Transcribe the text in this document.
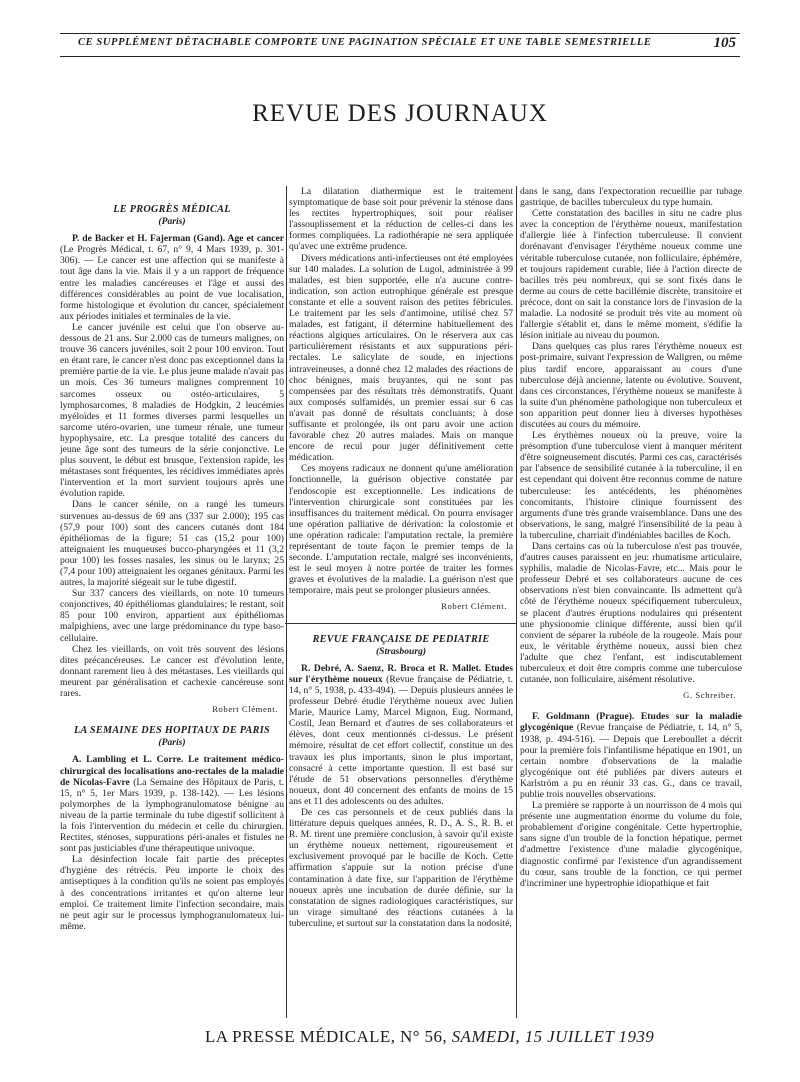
CE SUPPLÉMENT DÉTACHABLE COMPORTE UNE PAGINATION SPÉCIALE ET UNE TABLE SEMESTRIELLE	105
REVUE DES JOURNAUX
LE PROGRÈS MÉDICAL
(Paris)

P. de Backer et H. Fajerman (Gand). Age et cancer (Le Progrès Médical, t. 67, n° 9, 4 Mars 1939, p. 301-306). — Le cancer est une affection qui se manifeste à tout âge dans la vie. Mais il y a un rapport de fréquence entre les maladies cancéreuses et l'âge et aussi des différences considérables au point de vue localisation, forme histologique et évolution du cancer, spécialement aux périodes initiales et terminales de la vie.

Le cancer juvénile est celui que l'on observe au-dessous de 21 ans. Sur 2.000 cas de tumeurs malignes, on trouve 36 cancers juvéniles, soit 2 pour 100 environ. Tout en étant rare, le cancer n'est donc pas exceptionnel dans la première partie de la vie. Le plus jeune malade n'avait pas un mois. Ces 36 tumeurs malignes comprennent 10 sarcomes osseux ou ostéo-articulaires, 5 lymphosarcomes, 8 maladies de Hodgkin, 2 leucémies myéloïdes et 11 formes diverses parmi lesquelles un sarcome utéro-ovarien, une tumeur rénale, une tumeur hypophysaire, etc. La presque totalité des cancers du jeune âge sont des tumeurs de la série conjonctive. Le plus souvent, le début est brusque, l'extension rapide, les métastases sont fréquentes, les récidives immédiates après l'intervention et la mort survient toujours après une évolution rapide.

Dans le cancer sénile, on a rangé les tumeurs survenues au-dessus de 69 ans (337 sur 2.000); 195 cas (57,9 pour 100) sont des cancers cutanés dont 184 épithéliomas de la figure; 51 cas (15,2 pour 100) atteignaient les muqueuses bucco-pharyngées et 11 (3,2 pour 100) les fosses nasales, les sinus ou le larynx; 25 (7,4 pour 100) atteignaient les organes génitaux. Parmi les autres, la majorité siégeait sur le tube digestif.

Sur 337 cancers des vieillards, on note 10 tumeurs conjonctives, 40 épithéliomas glandulaires; le restant, soit 85 pour 100 environ, appartient aux épithéliomas malpighiens, avec une large prédominance du type baso-cellulaire.

Chez les vieillards, on voit très souvent des lésions dites précancéreuses. Le cancer est d'évolution lente, donnant rarement lieu à des métastases. Les vieillards qui meurent par généralisation et cachexie cancéreuse sont rares.

Robert Clément.
LA SEMAINE DES HOPITAUX DE PARIS
(Paris)

A. Lambling et L. Corre. Le traitement médico-chirurgical des localisations ano-rectales de la maladie de Nicolas-Favre (La Semaine des Hôpitaux de Paris, t. 15, n° 5, 1er Mars 1939, p. 138-142). — Les lésions polymorphes de la lymphogranulomatose bénigne au niveau de la partie terminale du tube digestif sollicitent à la fois l'intervention du médecin et celle du chirurgien. Rectites, sténoses, suppurations péri-anales et fistules ne sont pas justiciables d'une thérapeutique univoque.

La désinfection locale fait partie des préceptes d'hygiène des rétrécis. Peu importe le choix des antiseptiques à la condition qu'ils ne soient pas employés à des concentrations irritantes et qu'on alterne leur emploi. Ce traitement limite l'infection secondaire, mais ne peut agir sur le processus lymphogranulomateux lui-même.

La dilatation diathermique est le traitement symptomatique de base soit pour prévenir la sténose dans les rectites hypertrophiques, soit pour réaliser l'assouplissement et la réduction de celles-ci dans les formes compliquées. La radiothérapie ne sera appliquée qu'avec une extrême prudence.

Divers médications anti-infectieuses ont été employées sur 140 malades. La solution de Lugol, administrée à 99 malades, est bien supportée, elle n'a aucune contre-indication, son action eutrophique générale est presque constante et elle a souvent raison des petites fébricules. Le traitement par les sels d'antimoine, utilisé chez 57 malades, est fatigant, il détermine habituellement des réactions algiques articulaires. On le réservera aux cas particulièrement résistants et aux suppurations péri-rectales. Le salicylate de soude, en injections intraveineuses, a donné chez 12 malades des réactions de choc bénignes, mais bruyantes, qui ne sont pas compensées par des résultats très démonstratifs. Quant aux composés sulfamidés, un premier essai sur 6 cas n'avait pas donné de résultats concluants; à dose suffisante et prolongée, ils ont paru avoir une action favorable chez 20 autres malades. Mais on manque encore de recul pour juger définitivement cette médication.

Ces moyens radicaux ne donnent qu'une amélioration fonctionnelle, la guérison objective constatée par l'endoscopie est exceptionnelle. Les indications de l'intervention chirurgicale sont constituées par les insuffisances du traitement médical. On pourra envisager une opération palliative de dérivation: la colostomie et une opération radicale: l'amputation rectale, la première représentant de toute façon le premier temps de la seconde. L'amputation rectale, malgré ses inconvénients, est le seul moyen à notre portée de traiter les formes graves et évolutives de la maladie. La guérison n'est que temporaire, mais peut se prolonger plusieurs années.

Robert Clément.
REVUE FRANÇAISE DE PEDIATRIE
(Strasbourg)

R. Debré, A. Saenz, R. Broca et R. Mallet. Etudes sur l'érythème noueux (Revue française de Pédiatrie, t. 14, n° 5, 1938, p. 433-494). — Depuis plusieurs années le professeur Debré étudie l'érythème noueux avec Julien Marie, Maurice Lamy, Marcel Mignon, Eug. Normand, Costil, Jean Bernard et d'autres de ses collaborateurs et élèves, dont ceux mentionnés ci-dessus. Le présent mémoire, résultat de cet effort collectif, constitue un des travaux les plus importants, sinon le plus important, consacré à cette importante question. Il est basé sur l'étude de 51 observations personnelles d'érythème noueux, dont 40 concernent des enfants de moins de 15 ans et 11 des adolescents ou des adultes.

De ces cas personnels et de ceux publiés dans la littérature depuis quelques années, R. D., A. S., R. B. et R. M. tirent une première conclusion, à savoir qu'il existe un érythème noueux nettement, rigoureusement et exclusivement provoqué par le bacille de Koch. Cette affirmation s'appuie sur la notion précise d'une contamination à date fixe, sur l'apparition de l'érythème noueux après une incubation de durée définie, sur la constatation de signes radiologiques caractéristiques, sur un virage simultané des réactions cutanées à la tuberculine, et surtout sur la constatation dans la nodosité,

dans le sang, dans l'expectoration recueillie par tubage gastrique, de bacilles tuberculeux du type humain.

Cette constatation des bacilles in situ ne cadre plus avec la conception de l'érythème noueux, manifestation d'allergie liée à l'infection tuberculeuse. Il convient dorénavant d'envisager l'érythème noueux comme une véritable tuberculose cutanée, non folliculaire, éphémère, et toujours rapidement curable, liée à l'action directe de bacilles très peu nombreux, qui se sont fixés dans le derme au cours de cette bacillémie discrète, transitoire et précoce, dont on sait la constance lors de l'invasion de la maladie. La nodosité se produit très vite au moment où l'allergie s'établit et, dans le même moment, s'édifie la lésion initiale au niveau du poumon.

Dans quelques cas plus rares l'érythème noueux est post-primaire, suivant l'expression de Wallgren, ou même plus tardif encore, apparaissant au cours d'une tuberculose déjà ancienne, latente ou évolutive. Souvent, dans ces circonstances, l'érythème noueux se manifeste à la suite d'un phénomène pathologique non tuberculeux et son apparition peut donner lieu à diverses hypothèses discutées au cours du mémoire.

Les érythèmes noueux où la preuve, voire la présomption d'une tuberculose vient à manquer méritent d'être soigneusement discutés. Parmi ces cas, caractérisés par l'absence de sensibilité cutanée à la tuberculine, il en est cependant qui doivent être reconnus comme de nature tuberculeuse: les antécédents, les phénomènes concomitants, l'histoire clinique fournissent des arguments d'une très grande vraisemblance. Dans une des observations, le sang, malgré l'insensibilité de la peau à la tuberculine, charriait d'indéniables bacilles de Koch.

Dans certains cas où la tuberculose n'est pas trouvée, d'autres causes paraissent en jeu: rhumatisme articulaire, syphilis, maladie de Nicolas-Favre, etc... Mais pour le professeur Debré et ses collaborateurs aucune de ces observations n'est bien convaincante. Ils admettent qu'à côté de l'érythème noueux spécifiquement tuberculeux, se placent d'autres éruptions nodulaires qui présentent une physionomie clinique différente, aussi bien qu'il convient de séparer la rubéole de la rougeole. Mais pour eux, le véritable érythème noueux, aussi bien chez l'adulte que chez l'enfant, est indiscutablement tuberculeux et doit être compris comme une tuberculose cutanée, non folliculaire, aisément résolutive.

G. Schreiber.

F. Goldmann (Prague). Etudes sur la maladie glycogénique (Revue française de Pédiatrie, t. 14, n° 5, 1938, p. 494-516). — Depuis que Lereboullet a décrit pour la première fois l'infantilisme hépatique en 1901, un certain nombre d'observations de la maladie glycogénique ont été publiées par divers auteurs et Karlström a pu en réunir 33 cas. G., dans ce travail, publie trois nouvelles observations.

La première se rapporte à un nourrisson de 4 mois qui présente une augmentation énorme du volume du foie, probablement d'origine congénitale. Cette hypertrophie, sans signe d'un trouble de la fonction hépatique, permet d'admettre l'existence d'une maladie glycogénique, diagnostic confirmé par l'existence d'un agrandissement du cœur, sans trouble de la fonction, ce qui permet d'incriminer une hypertrophie idiopathique et fait

LA PRESSE MÉDICALE, N° 56, SAMEDI, 15 JUILLET 1939
